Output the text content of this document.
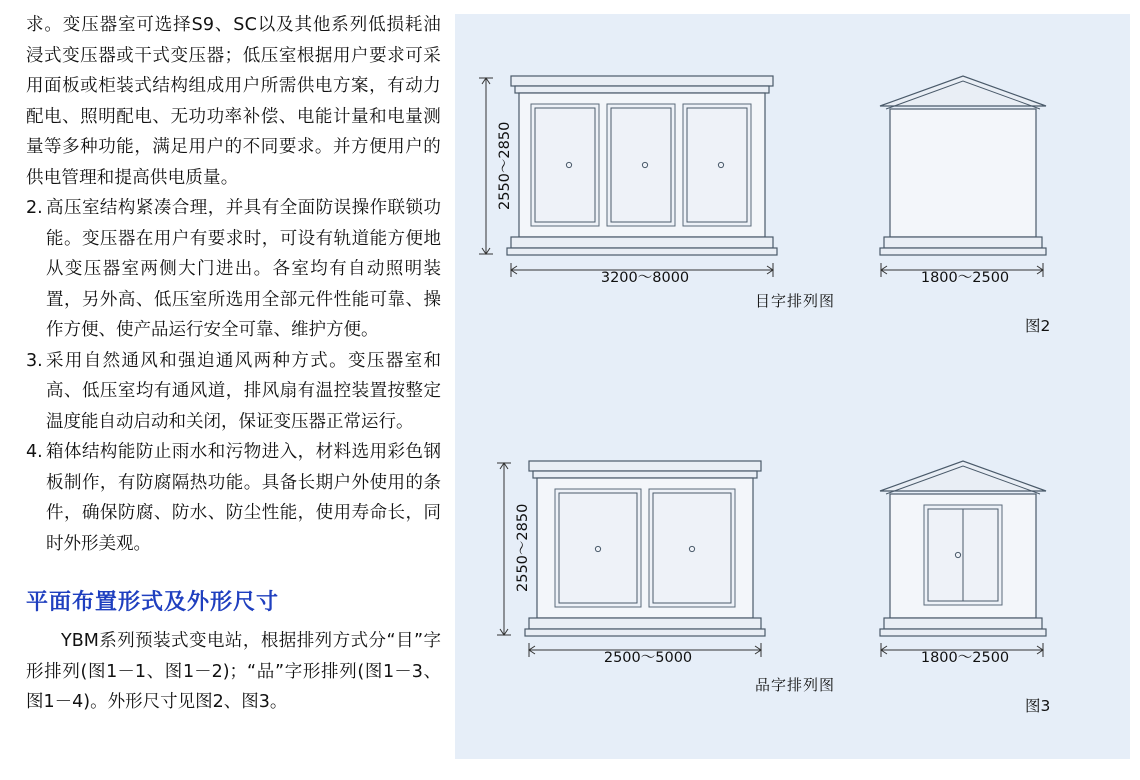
求。变压器室可选择S9、SC以及其他系列低损耗油浸式变压器或干式变压器；低压室根据用户要求可采用面板或柜装式结构组成用户所需供电方案，有动力配电、照明配电、无功功率补偿、电能计量和电量测量等多种功能，满足用户的不同要求。并方便用户的供电管理和提高供电质量。
2. 高压室结构紧凑合理，并具有全面防误操作联锁功能。变压器在用户有要求时，可设有轨道能方便地从变压器室两侧大门进出。各室均有自动照明装置，另外高、低压室所选用全部元件性能可靠、操作方便、使产品运行安全可靠、维护方便。
3. 采用自然通风和强迫通风两种方式。变压器室和高、低压室均有通风道，排风扇有温控装置按整定温度能自动启动和关闭，保证变压器正常运行。
4. 箱体结构能防止雨水和污物进入，材料选用彩色钢板制作，有防腐隔热功能。具备长期户外使用的条件，确保防腐、防水、防尘性能，使用寿命长，同时外形美观。
平面布置形式及外形尺寸
YBM系列预装式变电站，根据排列方式分“目”字形排列(图1－1、图1－2)；“品”字形排列(图1－3、图1－4)。外形尺寸见图2、图3。
2550～2850
3200～8000	1800～2500
目字排列图
图2
2550～2850
2500～5000	1800～2500
品字排列图
图3
